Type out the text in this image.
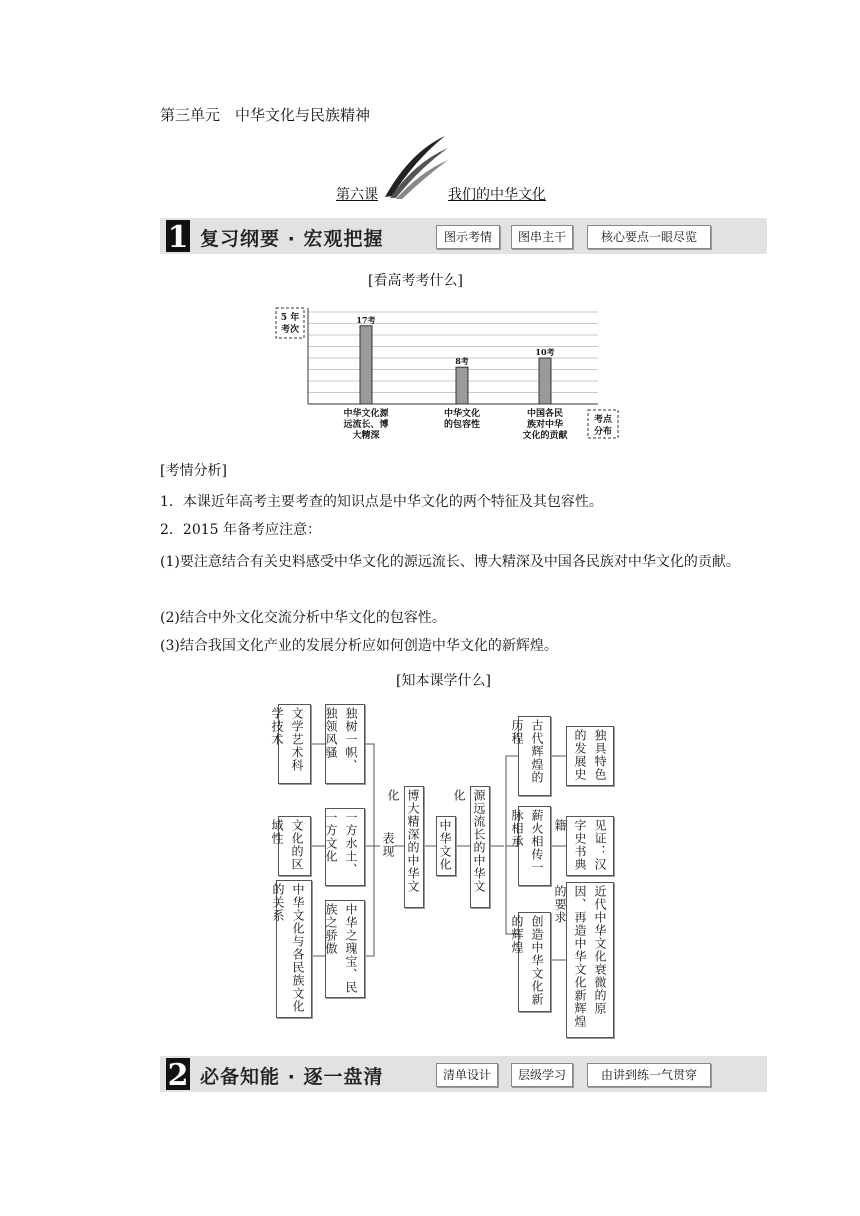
第三单元　中华文化与民族精神
第六课	我们的中华文化
1 复习纲要 · 宏观把握	图示考情	图串主干	核心要点一眼尽览
[看高考考什么]
17考
中华文化源
远流长、博
大精深
8考
中华文化
的包容性
10考
中国各民
族对中华
文化的贡献
5 年
考次
考点
分布
[考情分析]
1．本课近年高考主要考查的知识点是中华文化的两个特征及其包容性。
2．2015 年备考应注意：
(1)要注意结合有关史料感受中华文化的源远流长、博大精深及中国各民族对中华文化的贡献。
(2)结合中外文化交流分析中华文化的包容性。
(3)结合我国文化产业的发展分析应如何创造中华文化的新辉煌。
[知本课学什么]
文学艺术科学技术
文化的区域性
中华文化与各民族文化的关系
独树一帜、独领风骚
一方水土、一方文化
中华之瑰宝、民族之骄傲
表现 博大精深的中华文化
中华文化	源远流长的中华文化
古代辉煌的历程
薪火相传一脉相承
创造中华文化新的辉煌
独具特色的发展史
见证：汉字史书典籍
近代中华文化衰微的原因、再造中华文化新辉煌的要求
2 必备知能 · 逐一盘清	清单设计	层级学习	由讲到练一气贯穿
